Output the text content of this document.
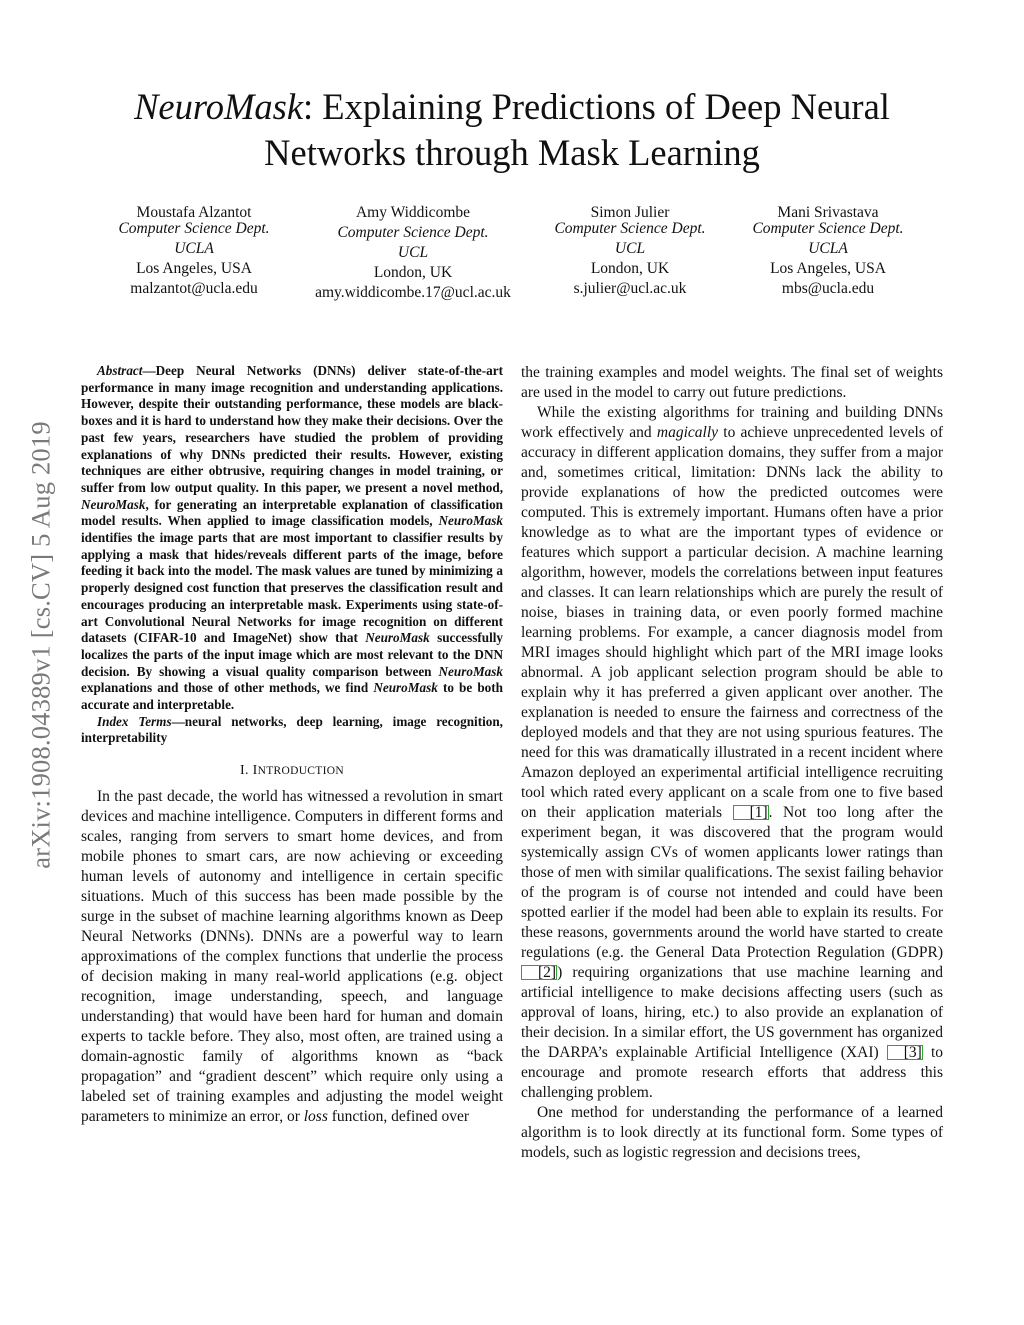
arXiv:1908.04389v1 [cs.CV] 5 Aug 2019
NeuroMask: Explaining Predictions of Deep Neural
Networks through Mask Learning
Moustafa Alzantot
Computer Science Dept.
UCLA
Los Angeles, USA
malzantot@ucla.edu
Amy Widdicombe
Computer Science Dept.
UCL
London, UK
amy.widdicombe.17@ucl.ac.uk
Simon Julier
Computer Science Dept.
UCL
London, UK
s.julier@ucl.ac.uk
Mani Srivastava
Computer Science Dept.
UCLA
Los Angeles, USA
mbs@ucla.edu

Abstract—Deep Neural Networks (DNNs) deliver state-of-the-art performance in many image recognition and understanding applications. However, despite their outstanding performance, these models are black-boxes and it is hard to understand how they make their decisions. Over the past few years, researchers have studied the problem of providing explanations of why DNNs predicted their results. However, existing techniques are either obtrusive, requiring changes in model training, or suffer from low output quality. In this paper, we present a novel method, NeuroMask, for generating an interpretable explanation of classification model results. When applied to image classification models, NeuroMask identifies the image parts that are most important to classifier results by applying a mask that hides/reveals different parts of the image, before feeding it back into the model. The mask values are tuned by minimizing a properly designed cost function that preserves the classification result and encourages producing an interpretable mask. Experiments using state-of-art Convolutional Neural Networks for image recognition on different datasets (CIFAR-10 and ImageNet) show that NeuroMask successfully localizes the parts of the input image which are most relevant to the DNN decision. By showing a visual quality comparison between NeuroMask explanations and those of other methods, we find NeuroMask to be both accurate and interpretable.

Index Terms—neural networks, deep learning, image recognition, interpretability

I. INTRODUCTION

In the past decade, the world has witnessed a revolution in smart devices and machine intelligence. Computers in different forms and scales, ranging from servers to smart home devices, and from mobile phones to smart cars, are now achieving or exceeding human levels of autonomy and intelligence in certain specific situations. Much of this success has been made possible by the surge in the subset of machine learning algorithms known as Deep Neural Networks (DNNs). DNNs are a powerful way to learn approximations of the complex functions that underlie the process of decision making in many real-world applications (e.g. object recognition, image understanding, speech, and language understanding) that would have been hard for human and domain experts to tackle before. They also, most often, are trained using a domain-agnostic family of algorithms known as “back propagation” and “gradient descent” which require only using a labeled set of training examples and adjusting the model weight parameters to minimize an error, or loss function, defined over

the training examples and model weights. The final set of weights are used in the model to carry out future predictions.

While the existing algorithms for training and building DNNs work effectively and magically to achieve unprecedented levels of accuracy in different application domains, they suffer from a major and, sometimes critical, limitation: DNNs lack the ability to provide explanations of how the predicted outcomes were computed. This is extremely important. Humans often have a prior knowledge as to what are the important types of evidence or features which support a particular decision. A machine learning algorithm, however, models the correlations between input features and classes. It can learn relationships which are purely the result of noise, biases in training data, or even poorly formed machine learning problems. For example, a cancer diagnosis model from MRI images should highlight which part of the MRI image looks abnormal. A job applicant selection program should be able to explain why it has preferred a given applicant over another. The explanation is needed to ensure the fairness and correctness of the deployed models and that they are not using spurious features. The need for this was dramatically illustrated in a recent incident where Amazon deployed an experimental artificial intelligence recruiting tool which rated every applicant on a scale from one to five based on their application materials [1]. Not too long after the experiment began, it was discovered that the program would systemically assign CVs of women applicants lower ratings than those of men with similar qualifications. The sexist failing behavior of the program is of course not intended and could have been spotted earlier if the model had been able to explain its results. For these reasons, governments around the world have started to create regulations (e.g. the General Data Protection Regulation (GDPR) [2]) requiring organizations that use machine learning and artificial intelligence to make decisions affecting users (such as approval of loans, hiring, etc.) to also provide an explanation of their decision. In a similar effort, the US government has organized the DARPA’s explainable Artificial Intelligence (XAI) [3] to encourage and promote research efforts that address this challenging problem.

One method for understanding the performance of a learned algorithm is to look directly at its functional form. Some types of models, such as logistic regression and decisions trees,
